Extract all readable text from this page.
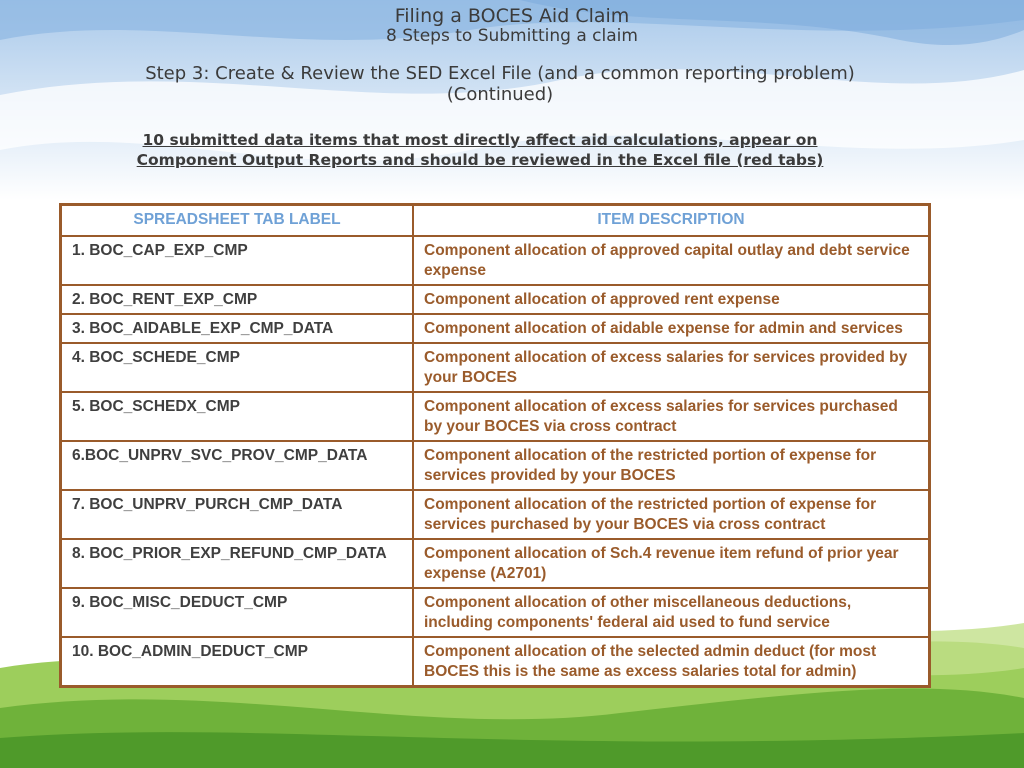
Filing a BOCES Aid Claim
8 Steps to Submitting a claim
Step 3: Create & Review the SED Excel File (and a common reporting problem) (Continued)
10 submitted data items that most directly affect aid calculations, appear on Component Output Reports and should be reviewed in the Excel file (red tabs)
SPREADSHEET TAB LABEL	ITEM DESCRIPTION
1. BOC_CAP_EXP_CMP	Component allocation of approved capital outlay and debt service expense
2. BOC_RENT_EXP_CMP	Component allocation of approved rent expense
3. BOC_AIDABLE_EXP_CMP_DATA	Component allocation of aidable expense for admin and services
4. BOC_SCHEDE_CMP	Component allocation of excess salaries for services provided by your BOCES
5. BOC_SCHEDX_CMP	Component allocation of excess salaries for services purchased by your BOCES via cross contract
6.BOC_UNPRV_SVC_PROV_CMP_DATA	Component allocation of the restricted portion of expense for services provided by your BOCES
7. BOC_UNPRV_PURCH_CMP_DATA	Component allocation of the restricted portion of expense for services purchased by your BOCES via cross contract
8. BOC_PRIOR_EXP_REFUND_CMP_DATA	Component allocation of Sch.4 revenue item refund of prior year expense (A2701)
9. BOC_MISC_DEDUCT_CMP	Component allocation of other miscellaneous deductions, including components' federal aid used to fund service
10. BOC_ADMIN_DEDUCT_CMP	Component allocation of the selected admin deduct (for most BOCES this is the same as excess salaries total for admin)
